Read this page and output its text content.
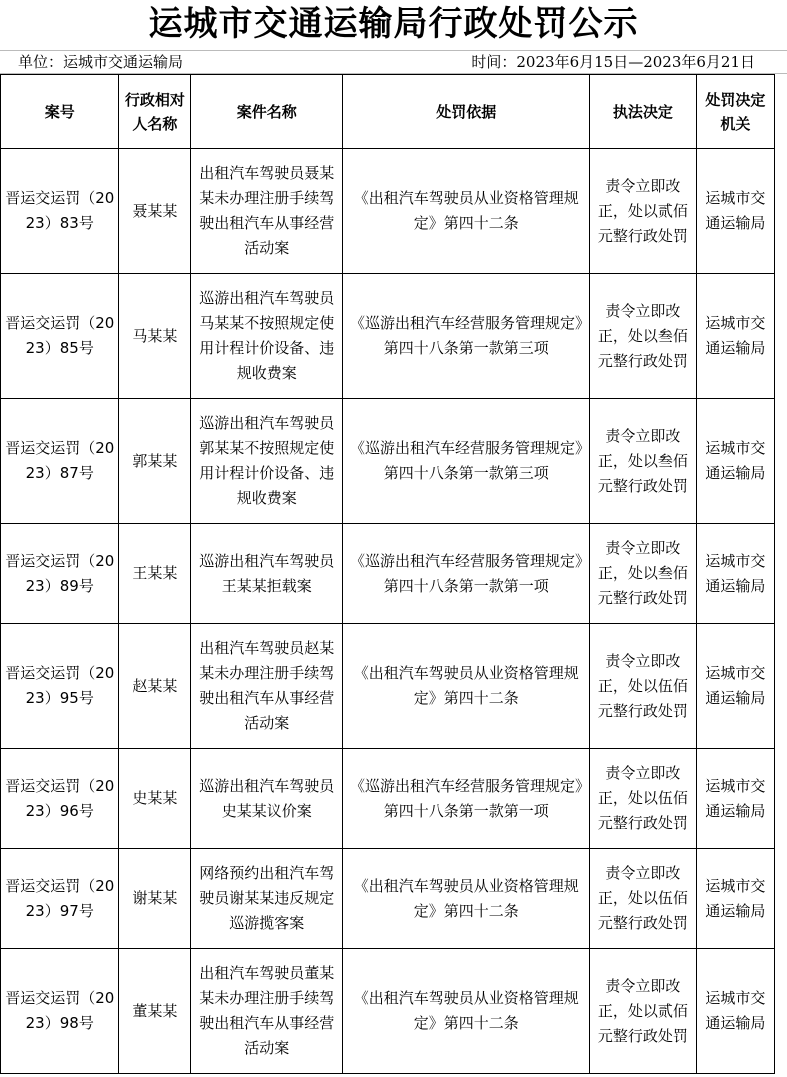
运城市交通运输局行政处罚公示
单位：运城市交通运输局	时间：2023年6月15日—2023年6月21日
案号	行政相对人名称	案件名称	处罚依据	执法决定	处罚决定机关
晋运交运罚（2023）83号	聂某某	出租汽车驾驶员聂某某未办理注册手续驾驶出租汽车从事经营活动案	《出租汽车驾驶员从业资格管理规定》第四十二条	责令立即改正，处以贰佰元整行政处罚	运城市交通运输局
晋运交运罚（2023）85号	马某某	巡游出租汽车驾驶员马某某不按照规定使用计程计价设备、违规收费案	《巡游出租汽车经营服务管理规定》第四十八条第一款第三项	责令立即改正，处以叁佰元整行政处罚	运城市交通运输局
晋运交运罚（2023）87号	郭某某	巡游出租汽车驾驶员郭某某不按照规定使用计程计价设备、违规收费案	《巡游出租汽车经营服务管理规定》第四十八条第一款第三项	责令立即改正，处以叁佰元整行政处罚	运城市交通运输局
晋运交运罚（2023）89号	王某某	巡游出租汽车驾驶员王某某拒载案	《巡游出租汽车经营服务管理规定》第四十八条第一款第一项	责令立即改正，处以叁佰元整行政处罚	运城市交通运输局
晋运交运罚（2023）95号	赵某某	出租汽车驾驶员赵某某未办理注册手续驾驶出租汽车从事经营活动案	《出租汽车驾驶员从业资格管理规定》第四十二条	责令立即改正，处以伍佰元整行政处罚	运城市交通运输局
晋运交运罚（2023）96号	史某某	巡游出租汽车驾驶员史某某议价案	《巡游出租汽车经营服务管理规定》第四十八条第一款第一项	责令立即改正，处以伍佰元整行政处罚	运城市交通运输局
晋运交运罚（2023）97号	谢某某	网络预约出租汽车驾驶员谢某某违反规定巡游揽客案	《出租汽车驾驶员从业资格管理规定》第四十二条	责令立即改正，处以伍佰元整行政处罚	运城市交通运输局
晋运交运罚（2023）98号	董某某	出租汽车驾驶员董某某未办理注册手续驾驶出租汽车从事经营活动案	《出租汽车驾驶员从业资格管理规定》第四十二条	责令立即改正，处以贰佰元整行政处罚	运城市交通运输局
